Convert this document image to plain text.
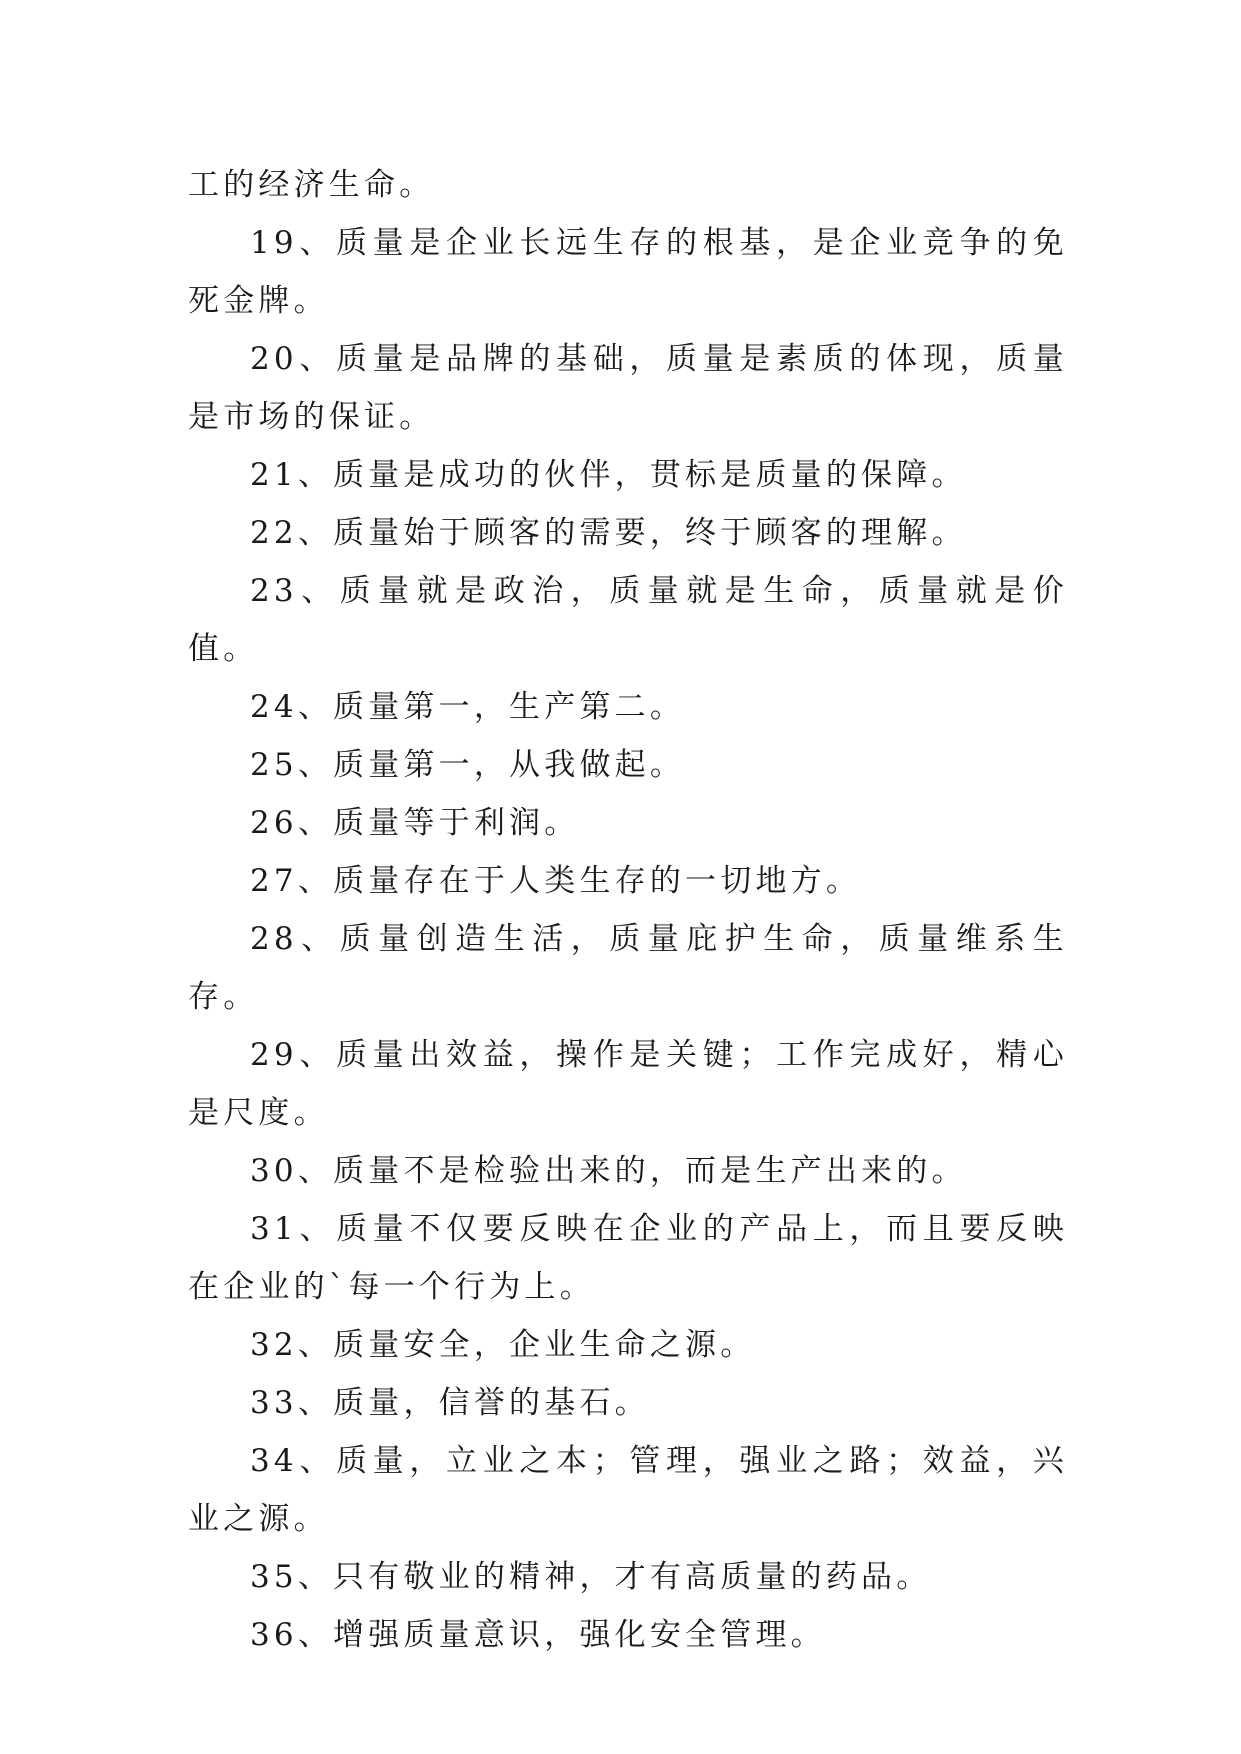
工的经济生命。

19、质量是企业长远生存的根基，是企业竞争的免死金牌。

20、质量是品牌的基础，质量是素质的体现，质量是市场的保证。

21、质量是成功的伙伴，贯标是质量的保障。

22、质量始于顾客的需要，终于顾客的理解。

23、质量就是政治，质量就是生命，质量就是价值。

24、质量第一，生产第二。

25、质量第一，从我做起。

26、质量等于利润。

27、质量存在于人类生存的一切地方。

28、质量创造生活，质量庇护生命，质量维系生存。

29、质量出效益，操作是关键；工作完成好，精心是尺度。

30、质量不是检验出来的，而是生产出来的。

31、质量不仅要反映在企业的产品上，而且要反映在企业的`每一个行为上。

32、质量安全，企业生命之源。

33、质量，信誉的基石。

34、质量，立业之本；管理，强业之路；效益，兴业之源。

35、只有敬业的精神，才有高质量的药品。

36、增强质量意识，强化安全管理。
